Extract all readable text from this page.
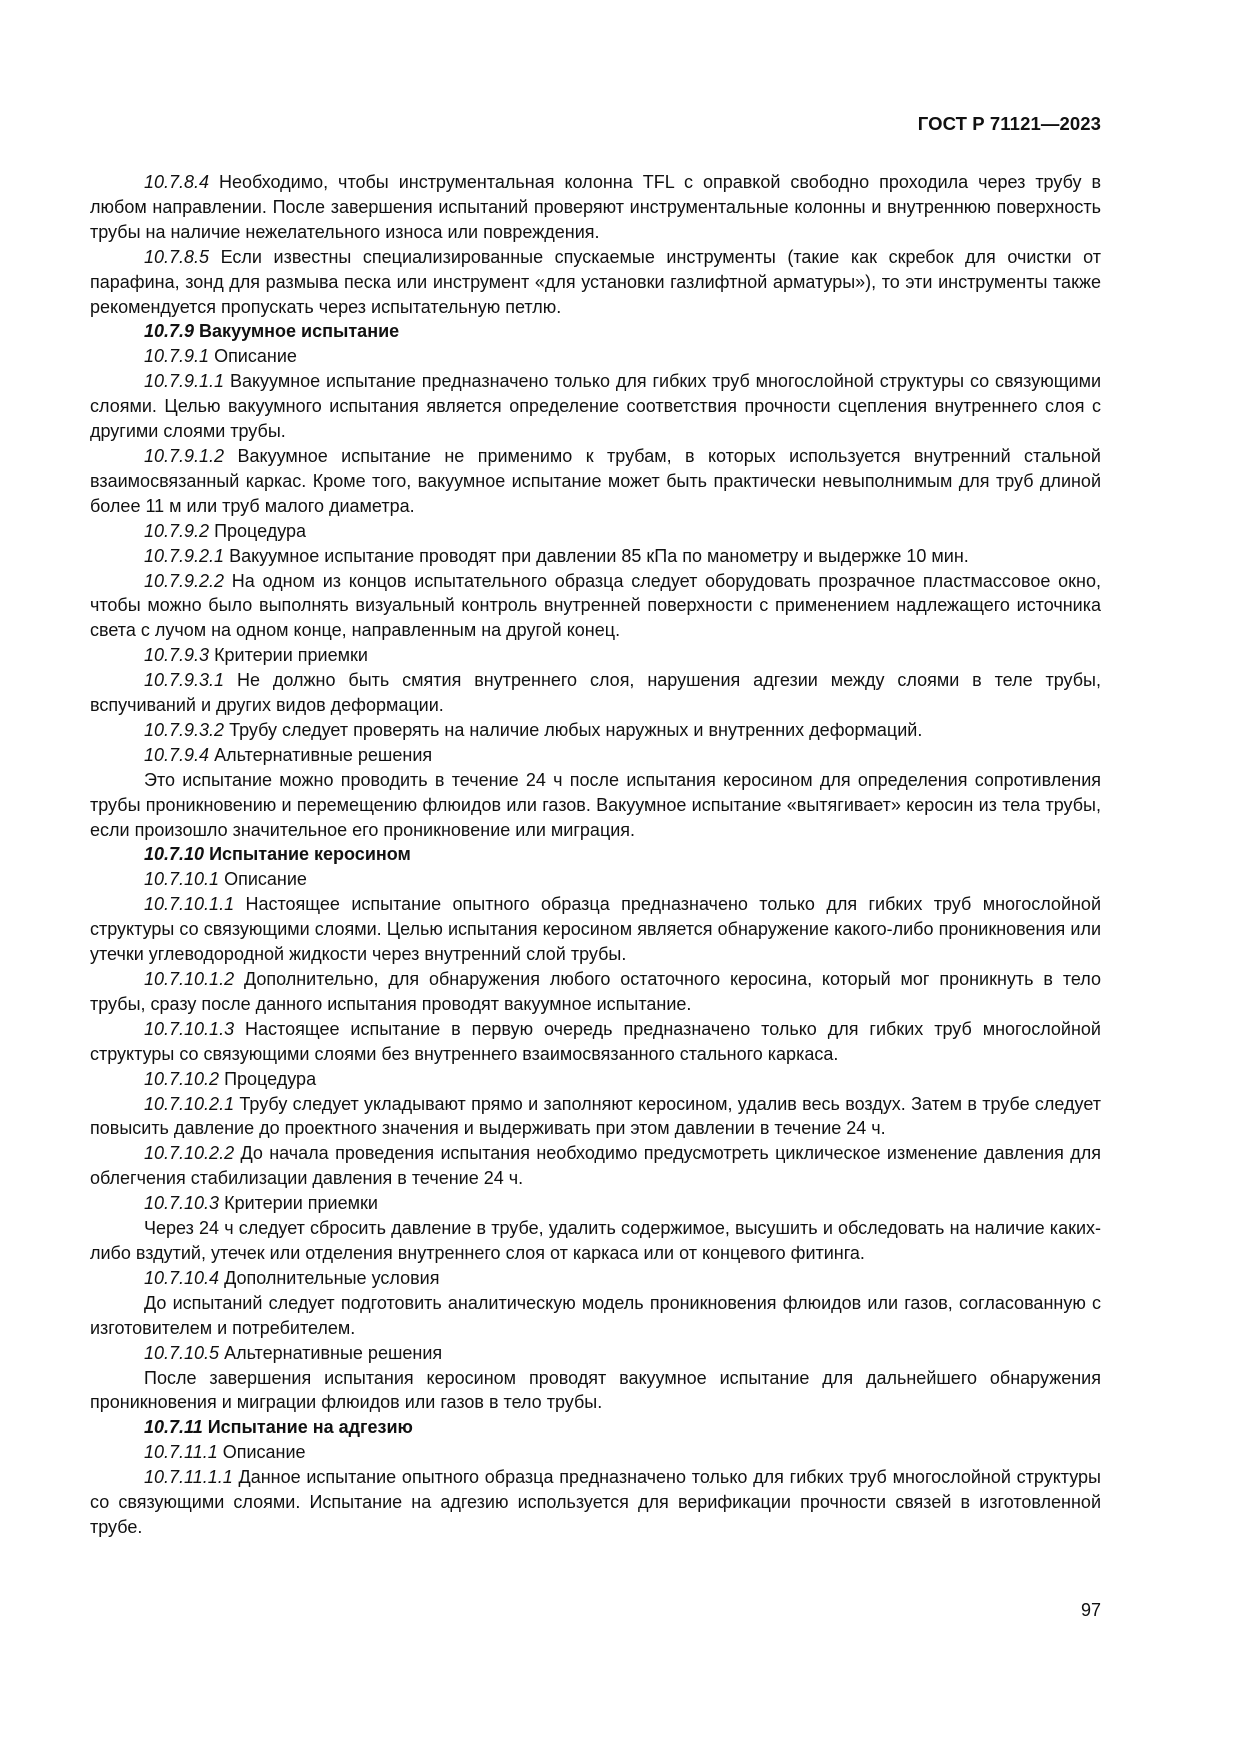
ГОСТ Р 71121—2023

10.7.8.4 Необходимо, чтобы инструментальная колонна TFL с оправкой свободно проходила через трубу в любом направлении. После завершения испытаний проверяют инструментальные колонны и внутреннюю поверхность трубы на наличие нежелательного износа или повреждения.

10.7.8.5 Если известны специализированные спускаемые инструменты (такие как скребок для очистки от парафина, зонд для размыва песка или инструмент «для установки газлифтной арматуры»), то эти инструменты также рекомендуется пропускать через испытательную петлю.

10.7.9 Вакуумное испытание

10.7.9.1 Описание

10.7.9.1.1 Вакуумное испытание предназначено только для гибких труб многослойной структуры со связующими слоями. Целью вакуумного испытания является определение соответствия прочности сцепления внутреннего слоя с другими слоями трубы.

10.7.9.1.2 Вакуумное испытание не применимо к трубам, в которых используется внутренний стальной взаимосвязанный каркас. Кроме того, вакуумное испытание может быть практически невыполнимым для труб длиной более 11 м или труб малого диаметра.

10.7.9.2 Процедура

10.7.9.2.1 Вакуумное испытание проводят при давлении 85 кПа по манометру и выдержке 10 мин.

10.7.9.2.2 На одном из концов испытательного образца следует оборудовать прозрачное пластмассовое окно, чтобы можно было выполнять визуальный контроль внутренней поверхности с применением надлежащего источника света с лучом на одном конце, направленным на другой конец.

10.7.9.3 Критерии приемки

10.7.9.3.1 Не должно быть смятия внутреннего слоя, нарушения адгезии между слоями в теле трубы, вспучиваний и других видов деформации.

10.7.9.3.2 Трубу следует проверять на наличие любых наружных и внутренних деформаций.

10.7.9.4 Альтернативные решения

Это испытание можно проводить в течение 24 ч после испытания керосином для определения сопротивления трубы проникновению и перемещению флюидов или газов. Вакуумное испытание «вытягивает» керосин из тела трубы, если произошло значительное его проникновение или миграция.

10.7.10 Испытание керосином

10.7.10.1 Описание

10.7.10.1.1 Настоящее испытание опытного образца предназначено только для гибких труб многослойной структуры со связующими слоями. Целью испытания керосином является обнаружение какого-либо проникновения или утечки углеводородной жидкости через внутренний слой трубы.

10.7.10.1.2 Дополнительно, для обнаружения любого остаточного керосина, который мог проникнуть в тело трубы, сразу после данного испытания проводят вакуумное испытание.

10.7.10.1.3 Настоящее испытание в первую очередь предназначено только для гибких труб многослойной структуры со связующими слоями без внутреннего взаимосвязанного стального каркаса.

10.7.10.2 Процедура

10.7.10.2.1 Трубу следует укладывают прямо и заполняют керосином, удалив весь воздух. Затем в трубе следует повысить давление до проектного значения и выдерживать при этом давлении в течение 24 ч.

10.7.10.2.2 До начала проведения испытания необходимо предусмотреть циклическое изменение давления для облегчения стабилизации давления в течение 24 ч.

10.7.10.3 Критерии приемки

Через 24 ч следует сбросить давление в трубе, удалить содержимое, высушить и обследовать на наличие каких-либо вздутий, утечек или отделения внутреннего слоя от каркаса или от концевого фитинга.

10.7.10.4 Дополнительные условия

До испытаний следует подготовить аналитическую модель проникновения флюидов или газов, согласованную с изготовителем и потребителем.

10.7.10.5 Альтернативные решения

После завершения испытания керосином проводят вакуумное испытание для дальнейшего обнаружения проникновения и миграции флюидов или газов в тело трубы.

10.7.11 Испытание на адгезию

10.7.11.1 Описание

10.7.11.1.1 Данное испытание опытного образца предназначено только для гибких труб многослойной структуры со связующими слоями. Испытание на адгезию используется для верификации прочности связей в изготовленной трубе.

97
